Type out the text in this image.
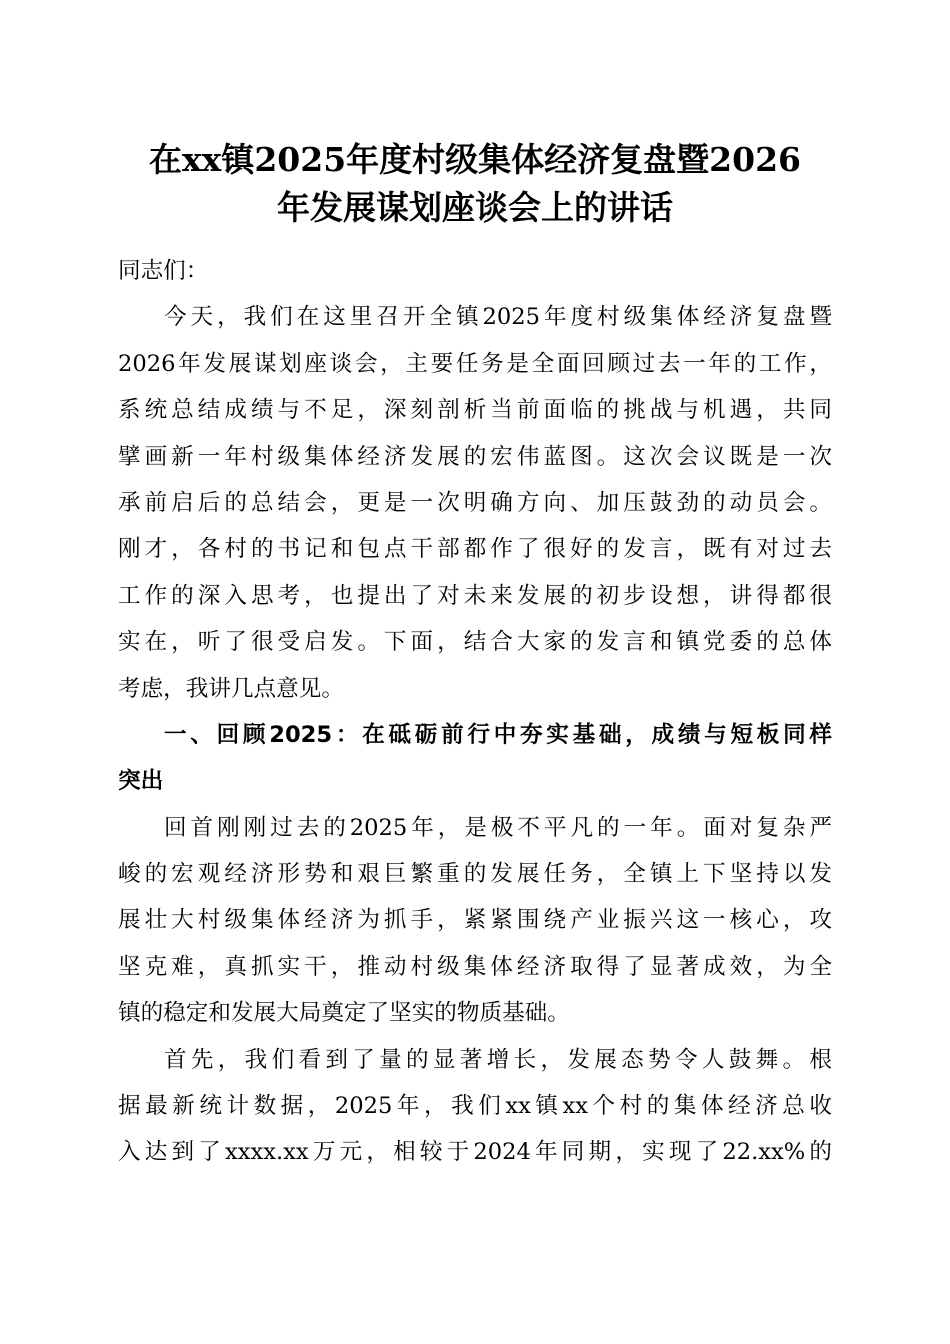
在xx镇2025年度村级集体经济复盘暨2026
年发展谋划座谈会上的讲话
同志们：
今天，我们在这里召开全镇2025年度村级集体经济复盘暨
2026年发展谋划座谈会，主要任务是全面回顾过去一年的工作，
系统总结成绩与不足，深刻剖析当前面临的挑战与机遇，共同
擘画新一年村级集体经济发展的宏伟蓝图。这次会议既是一次
承前启后的总结会，更是一次明确方向、加压鼓劲的动员会。
刚才，各村的书记和包点干部都作了很好的发言，既有对过去
工作的深入思考，也提出了对未来发展的初步设想，讲得都很
实在，听了很受启发。下面，结合大家的发言和镇党委的总体
考虑，我讲几点意见。
一、回顾2025：在砥砺前行中夯实基础，成绩与短板同样
突出
回首刚刚过去的2025年，是极不平凡的一年。面对复杂严
峻的宏观经济形势和艰巨繁重的发展任务，全镇上下坚持以发
展壮大村级集体经济为抓手，紧紧围绕产业振兴这一核心，攻
坚克难，真抓实干，推动村级集体经济取得了显著成效，为全
镇的稳定和发展大局奠定了坚实的物质基础。
首先，我们看到了量的显著增长，发展态势令人鼓舞。根
据最新统计数据，2025年，我们xx镇xx个村的集体经济总收
入达到了xxxx.xx万元，相较于2024年同期，实现了22.xx%的
